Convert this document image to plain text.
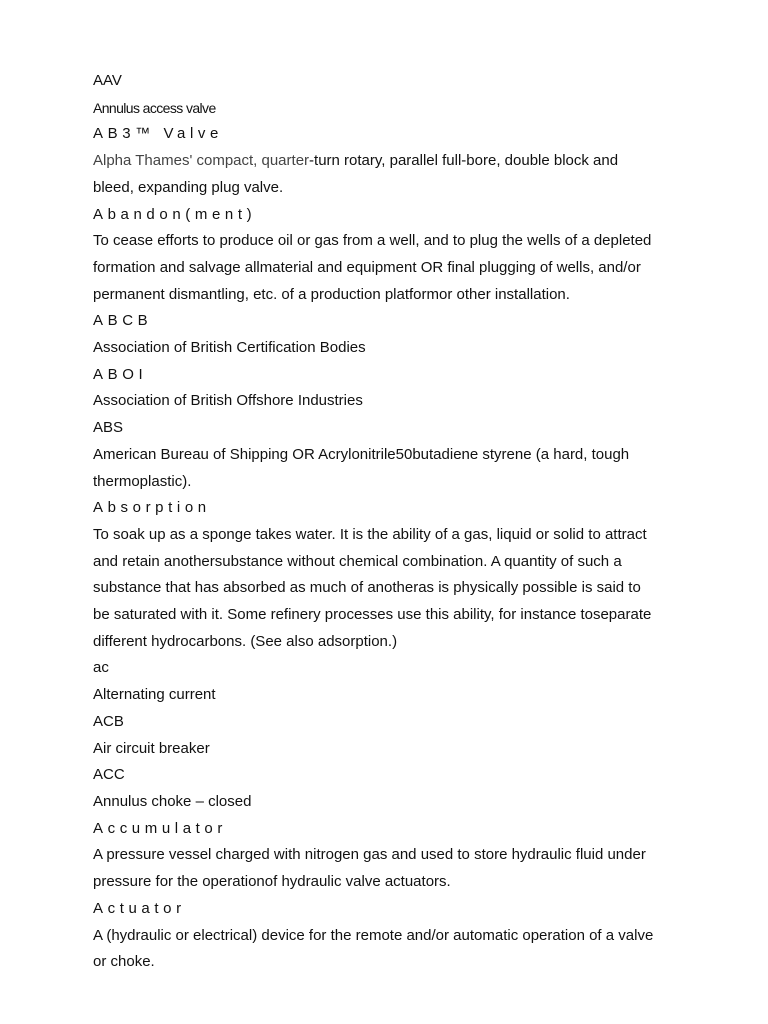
AAV

Annulus access valve

AB3™ Valve

Alpha Thames' compact, quarter-turn rotary, parallel full-bore, double block and

bleed, expanding plug valve.

Abandon(ment)

To cease efforts to produce oil or gas from a well, and to plug the wells of a depleted

formation and salvage allmaterial and equipment OR final plugging of wells, and/or

permanent dismantling, etc. of a production platformor other installation.

ABCB

Association of British Certification Bodies

ABOI

Association of British Offshore Industries

ABS

American Bureau of Shipping OR Acrylonitrile50butadiene styrene (a hard, tough

thermoplastic).

Absorption

To soak up as a sponge takes water. It is the ability of a gas, liquid or solid to attract

and retain anothersubstance without chemical combination. A quantity of such a

substance that has absorbed as much of anotheras is physically possible is said to

be saturated with it. Some refinery processes use this ability, for instance toseparate

different hydrocarbons. (See also adsorption.)

ac

Alternating current

ACB

Air circuit breaker

ACC

Annulus choke – closed

Accumulator

A pressure vessel charged with nitrogen gas and used to store hydraulic fluid under

pressure for the operationof hydraulic valve actuators.

Actuator

A (hydraulic or electrical) device for the remote and/or automatic operation of a valve

or choke.
